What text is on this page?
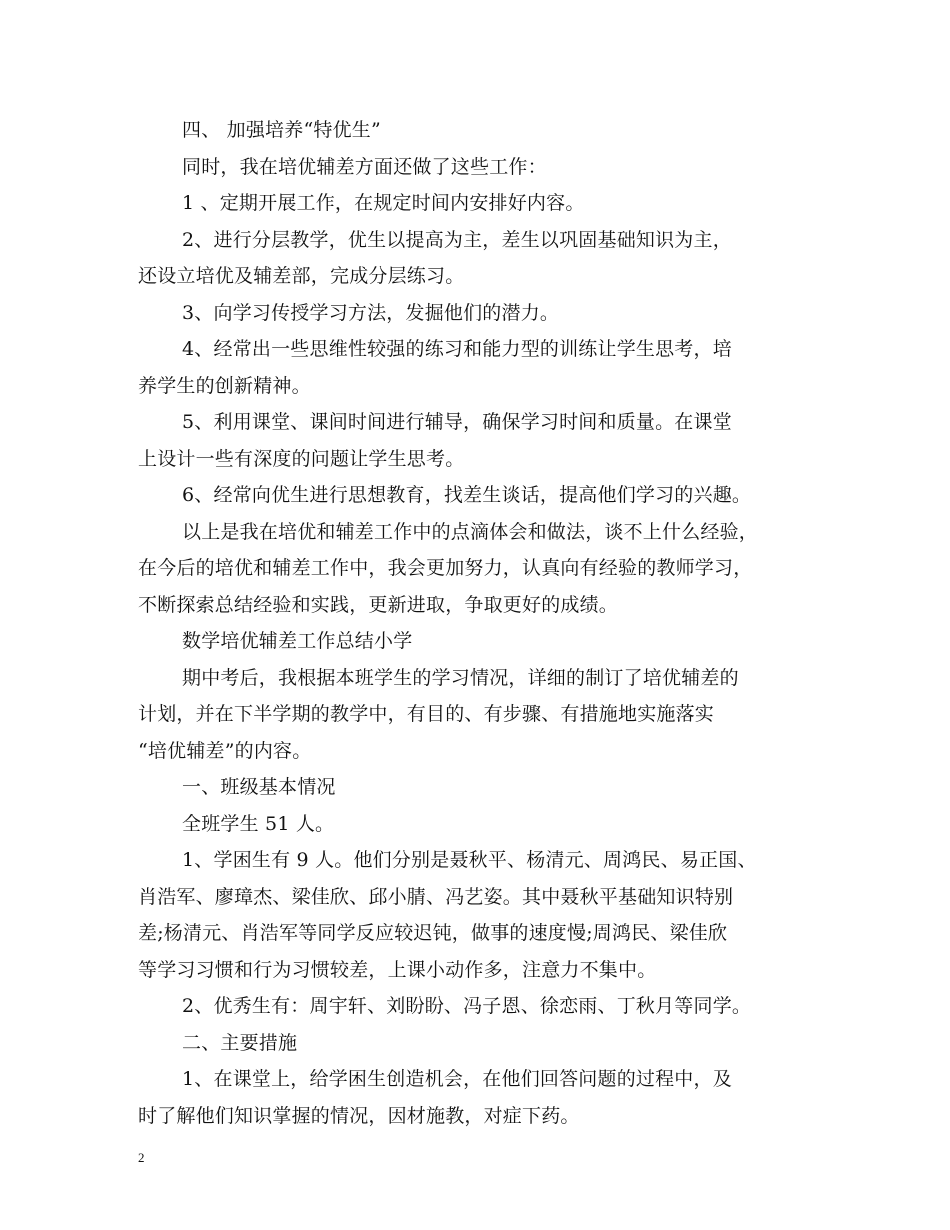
四、 加强培养“特优生”
同时，我在培优辅差方面还做了这些工作：
1 、定期开展工作，在规定时间内安排好内容。
2、进行分层教学，优生以提高为主，差生以巩固基础知识为主，
还设立培优及辅差部，完成分层练习。
3、向学习传授学习方法，发掘他们的潜力。
4、经常出一些思维性较强的练习和能力型的训练让学生思考，培
养学生的创新精神。
5、利用课堂、课间时间进行辅导，确保学习时间和质量。在课堂
上设计一些有深度的问题让学生思考。
6、经常向优生进行思想教育，找差生谈话，提高他们学习的兴趣。
以上是我在培优和辅差工作中的点滴体会和做法，谈不上什么经验，
在今后的培优和辅差工作中，我会更加努力，认真向有经验的教师学习，
不断探索总结经验和实践，更新进取，争取更好的成绩。
数学培优辅差工作总结小学
期中考后，我根据本班学生的学习情况，详细的制订了培优辅差的
计划，并在下半学期的教学中，有目的、有步骤、有措施地实施落实
“培优辅差”的内容。
一、班级基本情况
全班学生 51 人。
1、学困生有 9 人。他们分别是聂秋平、杨清元、周鸿民、易正国、
肖浩军、廖璋杰、梁佳欣、邱小腈、冯艺姿。其中聂秋平基础知识特别
差;杨清元、肖浩军等同学反应较迟钝，做事的速度慢;周鸿民、梁佳欣
等学习习惯和行为习惯较差，上课小动作多，注意力不集中。
2、优秀生有：周宇轩、刘盼盼、冯子恩、徐恋雨、丁秋月等同学。
二、主要措施
1、在课堂上，给学困生创造机会，在他们回答问题的过程中，及
时了解他们知识掌握的情况，因材施教，对症下药。
2
